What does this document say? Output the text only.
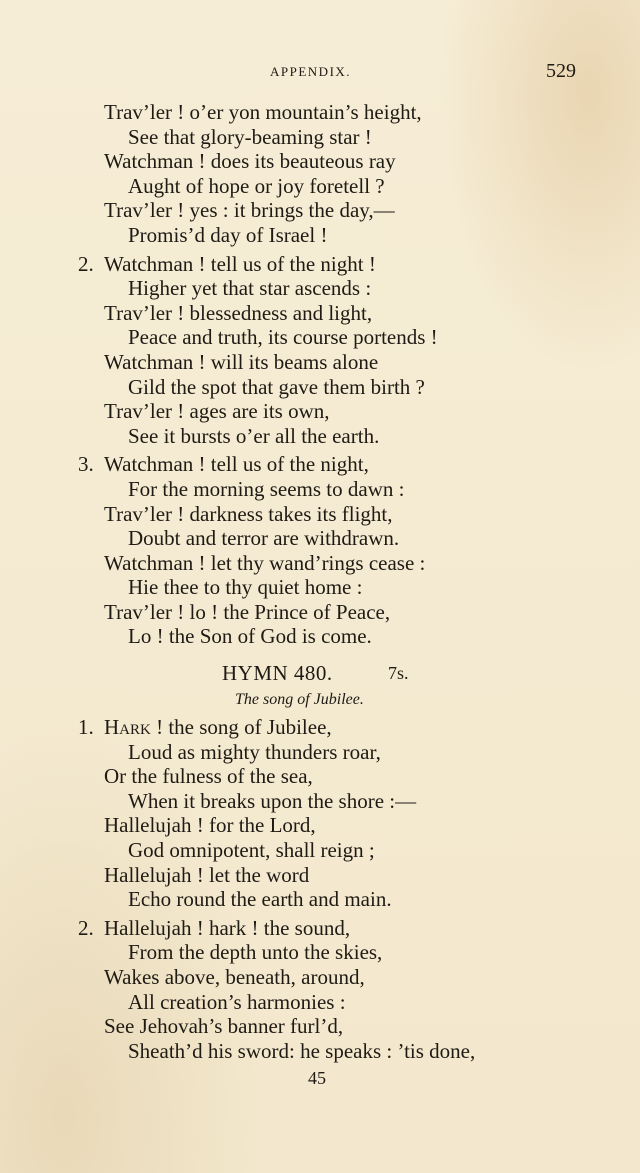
APPENDIX.	529
Trav’ler ! o’er yon mountain’s height,
See that glory-beaming star !
Watchman ! does its beauteous ray
Aught of hope or joy foretell ?
Trav’ler ! yes : it brings the day,—
Promis’d day of Israel !
2. Watchman ! tell us of the night !
Higher yet that star ascends :
Trav’ler ! blessedness and light,
Peace and truth, its course portends !
Watchman ! will its beams alone
Gild the spot that gave them birth ?
Trav’ler ! ages are its own,
See it bursts o’er all the earth.
3. Watchman ! tell us of the night,
For the morning seems to dawn :
Trav’ler ! darkness takes its flight,
Doubt and terror are withdrawn.
Watchman ! let thy wand’rings cease :
Hie thee to thy quiet home :
Trav’ler ! lo ! the Prince of Peace,
Lo ! the Son of God is come.
HYMN 480.	7s.
The song of Jubilee.
1. Hark ! the song of Jubilee,
Loud as mighty thunders roar,
Or the fulness of the sea,
When it breaks upon the shore :—
Hallelujah ! for the Lord,
God omnipotent, shall reign ;
Hallelujah ! let the word
Echo round the earth and main.
2. Hallelujah ! hark ! the sound,
From the depth unto the skies,
Wakes above, beneath, around,
All creation’s harmonies :
See Jehovah’s banner furl’d,
Sheath’d his sword: he speaks : ’tis done,
45
